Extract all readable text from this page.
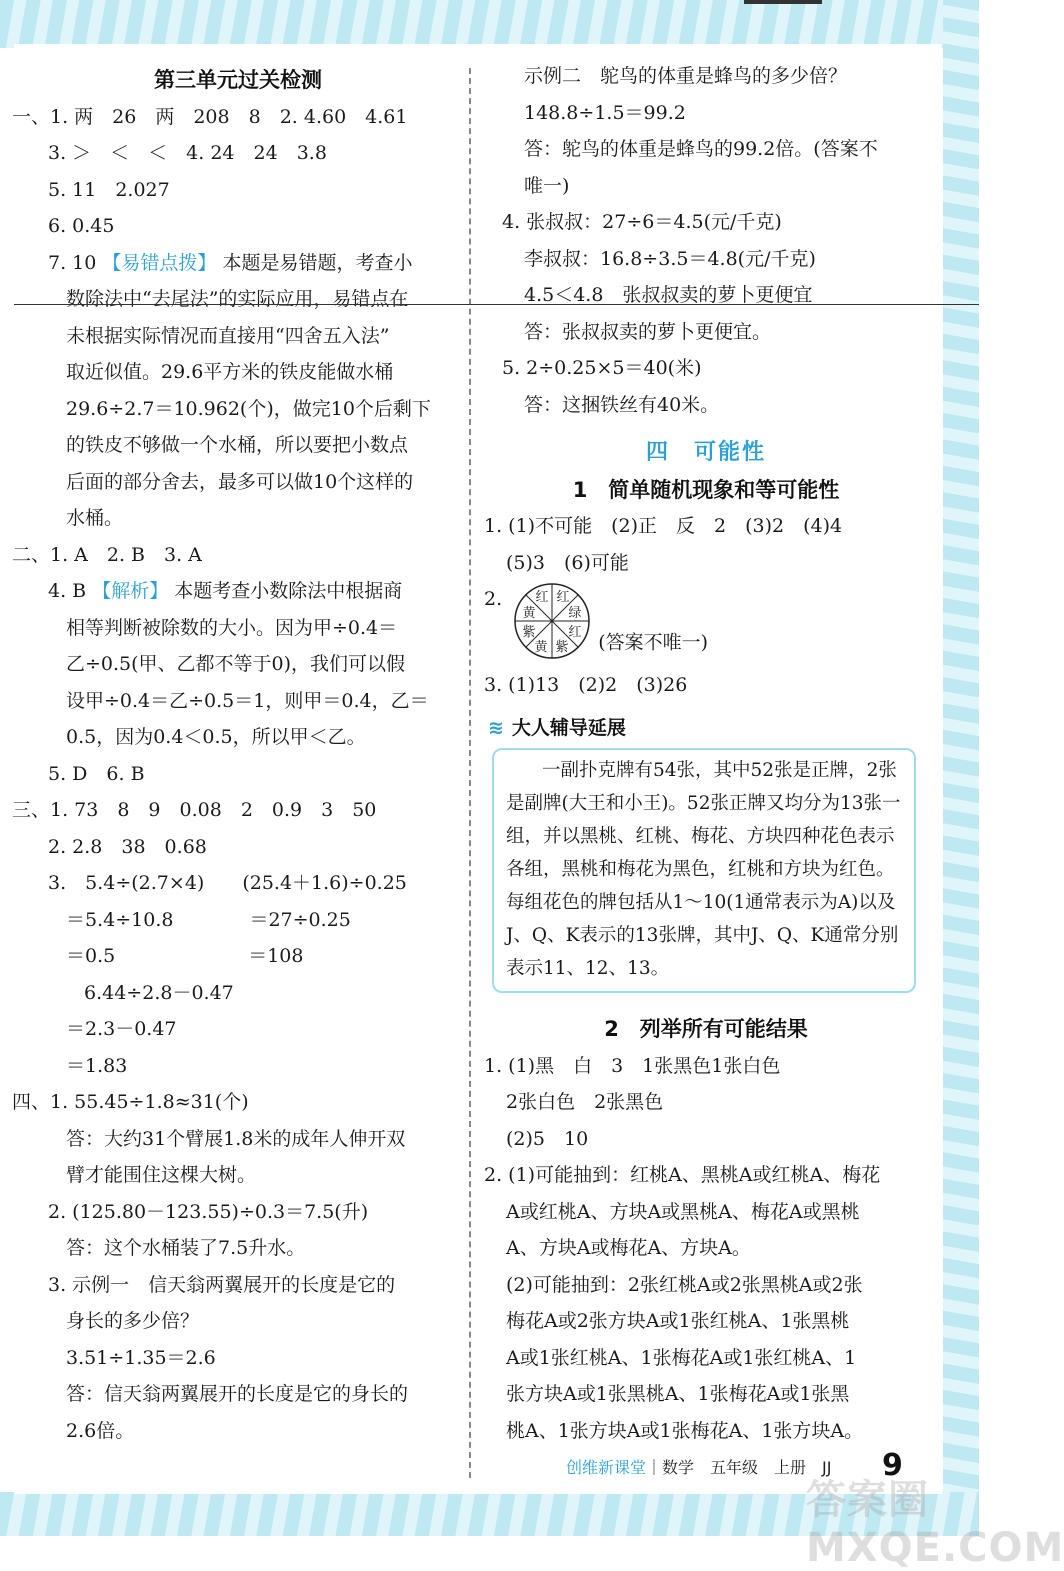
第三单元过关检测
一、1. 两　26　两　208　8　2. 4.60　4.61
3. ＞　＜　＜　4. 24　24　3.8
5. 11　2.027
6. 0.45
7. 10 【易错点拨】 本题是易错题，考查小
数除法中“去尾法”的实际应用，易错点在
未根据实际情况而直接用“四舍五入法”
取近似值。29.6平方米的铁皮能做水桶
29.6÷2.7＝10.962(个)，做完10个后剩下
的铁皮不够做一个水桶，所以要把小数点
后面的部分舍去，最多可以做10个这样的
水桶。
二、1. A　2. B　3. A
4. B 【解析】 本题考查小数除法中根据商
相等判断被除数的大小。因为甲÷0.4＝
乙÷0.5(甲、乙都不等于0)，我们可以假
设甲÷0.4＝乙÷0.5＝1，则甲＝0.4，乙＝
0.5，因为0.4＜0.5，所以甲＜乙。
5. D　6. B
三、1. 73　8　9　0.08　2　0.9　3　50
2. 2.8　38　0.68
3.　5.4÷(2.7×4)　　(25.4＋1.6)÷0.25
＝5.4÷10.8　　　　＝27÷0.25
＝0.5　　　　　　　＝108
6.44÷2.8－0.47
＝2.3－0.47
＝1.83
四、1. 55.45÷1.8≈31(个)
答：大约31个臂展1.8米的成年人伸开双
臂才能围住这棵大树。
2. (125.80－123.55)÷0.3＝7.5(升)
答：这个水桶装了7.5升水。
3. 示例一　信天翁两翼展开的长度是它的
身长的多少倍？
3.51÷1.35＝2.6
答：信天翁两翼展开的长度是它的身长的
2.6倍。
示例二　鸵鸟的体重是蜂鸟的多少倍？
148.8÷1.5＝99.2
答：鸵鸟的体重是蜂鸟的99.2倍。(答案不
唯一)
4. 张叔叔：27÷6＝4.5(元/千克)
李叔叔：16.8÷3.5＝4.8(元/千克)
4.5＜4.8　张叔叔卖的萝卜更便宜
答：张叔叔卖的萝卜更便宜。
5. 2÷0.25×5＝40(米)
答：这捆铁丝有40米。
四　可能性
1　简单随机现象和等可能性
1. (1)不可能　(2)正　反　2　(3)2　(4)4
(5)3　(6)可能
2.	红 红
绿
红
紫
黄
紫
黄
(答案不唯一)
3. (1)13　(2)2　(3)26
≋ 大人辅导延展
一副扑克牌有54张，其中52张是正牌，2张是副牌(大王和小王)。52张正牌又均分为13张一组，并以黑桃、红桃、梅花、方块四种花色表示各组，黑桃和梅花为黑色，红桃和方块为红色。每组花色的牌包括从1～10(1通常表示为A)以及J、Q、K表示的13张牌，其中J、Q、K通常分别表示11、12、13。
2　列举所有可能结果
1. (1)黑　白　3　1张黑色1张白色
2张白色　2张黑色
(2)5　10
2. (1)可能抽到：红桃A、黑桃A或红桃A、梅花
A或红桃A、方块A或黑桃A、梅花A或黑桃
A、方块A或梅花A、方块A。
(2)可能抽到：2张红桃A或2张黑桃A或2张
梅花A或2张方块A或1张红桃A、1张黑桃
A或1张红桃A、1张梅花A或1张红桃A、1
张方块A或1张黑桃A、1张梅花A或1张黑
桃A、1张方块A或1张梅花A、1张方块A。
创维新课堂｜数学　五年级　上册　JJ 9
答案圈 MXQE.COM
